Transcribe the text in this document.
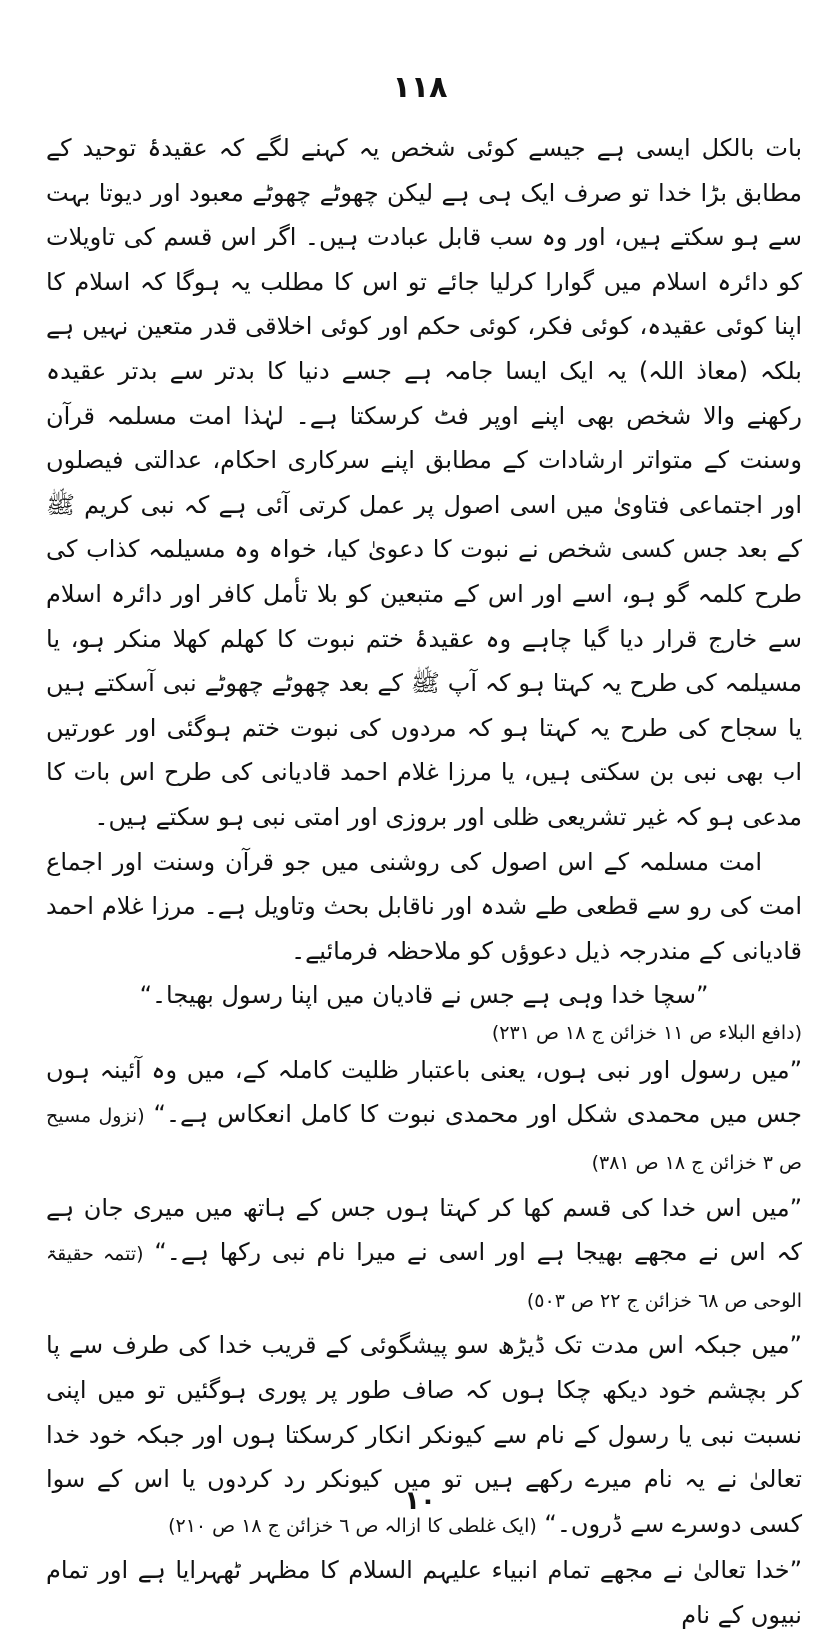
١١٨

بات بالکل ایسی ہے جیسے کوئی شخص یہ کہنے لگے کہ عقیدۂ توحید کے مطابق بڑا خدا تو صرف ایک ہی ہے لیکن چھوٹے چھوٹے معبود اور دیوتا بہت سے ہو سکتے ہیں، اور وہ سب قابل عبادت ہیں۔ اگر اس قسم کی تاویلات کو دائرہ اسلام میں گوارا کرلیا جائے تو اس کا مطلب یہ ہوگا کہ اسلام کا اپنا کوئی عقیدہ، کوئی فکر، کوئی حکم اور کوئی اخلاقی قدر متعین نہیں ہے بلکہ (معاذ اللہ) یہ ایک ایسا جامہ ہے جسے دنیا کا بدتر سے بدتر عقیدہ رکھنے والا شخص بھی اپنے اوپر فٹ کرسکتا ہے۔ لہٰذا امت مسلمہ قرآن وسنت کے متواتر ارشادات کے مطابق اپنے سرکاری احکام، عدالتی فیصلوں اور اجتماعی فتاویٰ میں اسی اصول پر عمل کرتی آئی ہے کہ نبی کریم ﷺ کے بعد جس کسی شخص نے نبوت کا دعویٰ کیا، خواہ وہ مسیلمہ کذاب کی طرح کلمہ گو ہو، اسے اور اس کے متبعین کو بلا تأمل کافر اور دائرہ اسلام سے خارج قرار دیا گیا چاہے وہ عقیدۂ ختم نبوت کا کھلم کھلا منکر ہو، یا مسیلمہ کی طرح یہ کہتا ہو کہ آپ ﷺ کے بعد چھوٹے چھوٹے نبی آسکتے ہیں یا سجاح کی طرح یہ کہتا ہو کہ مردوں کی نبوت ختم ہوگئی اور عورتیں اب بھی نبی بن سکتی ہیں، یا مرزا غلام احمد قادیانی کی طرح اس بات کا مدعی ہو کہ غیر تشریعی ظلی اور بروزی اور امتی نبی ہو سکتے ہیں۔

امت مسلمہ کے اس اصول کی روشنی میں جو قرآن وسنت اور اجماع امت کی رو سے قطعی طے شدہ اور ناقابل بحث وتاویل ہے۔ مرزا غلام احمد قادیانی کے مندرجہ ذیل دعوؤں کو ملاحظہ فرمائیے۔

”سچا خدا وہی ہے جس نے قادیان میں اپنا رسول بھیجا۔“

(دافع البلاء ص ١١ خزائن ج ١٨ ص ٢٣١)

”میں رسول اور نبی ہوں، یعنی باعتبار ظلیت کاملہ کے، میں وہ آئینہ ہوں جس میں محمدی شکل اور محمدی نبوت کا کامل انعکاس ہے۔“ (نزول مسیح ص ٣ خزائن ج ١٨ ص ٣٨١)

”میں اس خدا کی قسم کھا کر کہتا ہوں جس کے ہاتھ میں میری جان ہے کہ اس نے مجھے بھیجا ہے اور اسی نے میرا نام نبی رکھا ہے۔“ (تتمہ حقیقۃ الوحی ص ٦٨ خزائن ج ٢٢ ص ٥٠٣)

”میں جبکہ اس مدت تک ڈیڑھ سو پیشگوئی کے قریب خدا کی طرف سے پا کر بچشم خود دیکھ چکا ہوں کہ صاف طور پر پوری ہوگئیں تو میں اپنی نسبت نبی یا رسول کے نام سے کیونکر انکار کرسکتا ہوں اور جبکہ خود خدا تعالیٰ نے یہ نام میرے رکھے ہیں تو میں کیونکر رد کردوں یا اس کے سوا کسی دوسرے سے ڈروں۔“ (ایک غلطی کا ازالہ ص ٦ خزائن ج ١٨ ص ٢١٠)

”خدا تعالیٰ نے مجھے تمام انبیاء علیہم السلام کا مظہر ٹھہرایا ہے اور تمام نبیوں کے نام

١٠
